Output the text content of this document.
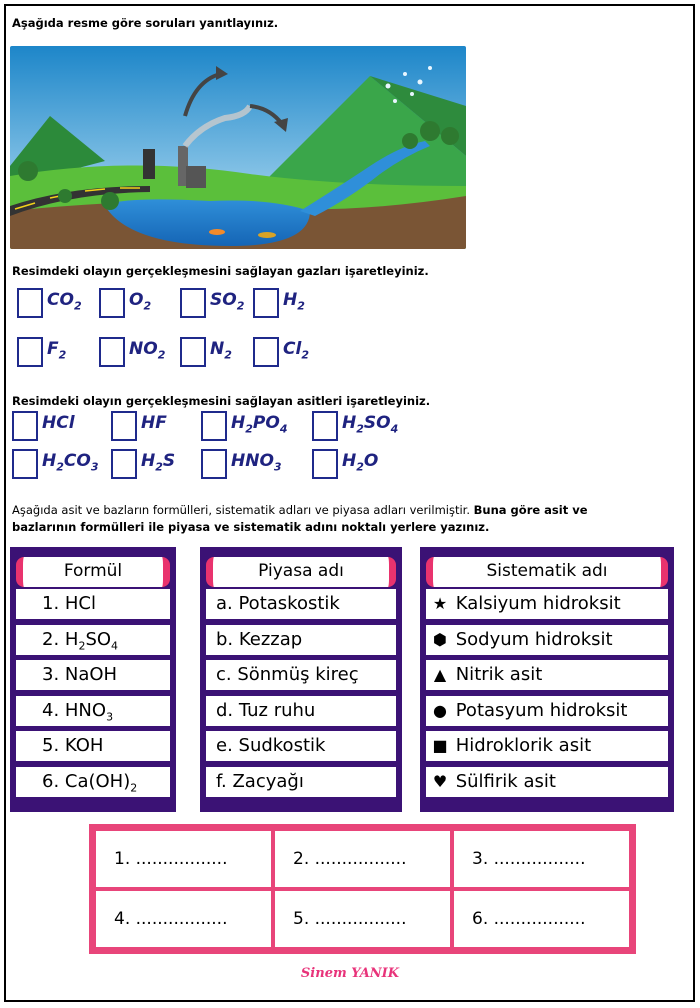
Aşağıda resme göre soruları yanıtlayınız.
Resimdeki olayın gerçekleşmesini sağlayan gazları işaretleyiniz.
$CO_2$	$O_2$	$SO_2$ $H_2$
$F_2$	$NO_2$	$N_2$	$Cl_2$
Resimdeki olayın gerçekleşmesini sağlayan asitleri işaretleyiniz.
HCl	HF	$H_2PO_4$	$H_2SO_4$
$H_2CO_3$	$H_2S$	$HNO_3$	$H_2O$
Aşağıda asit ve bazların formülleri, sistematik adları ve piyasa adları verilmiştir. Buna göre asit ve bazlarının formülleri ile piyasa ve sistematik adını noktalı yerlere yazınız.
Formül
1. HCl
2. $H_2SO_4$
3. NaOH
4. $HNO_3$
5. KOH
6. $Ca(OH)_2$
Piyasa adı
a. Potaskostik
b. Kezzap
c. Sönmüş kireç
d. Tuz ruhu
e. Sudkostik
f. Zacyağı
Sistematik adı
★ Kalsiyum hidroksit
⬢ Sodyum hidroksit
▲ Nitrik asit
● Potasyum hidroksit
■ Hidroklorik asit
♥ Sülfirik asit
1. .................	2. .................	3. .................
4. .................	5. .................	6. .................
Sinem YANIK
